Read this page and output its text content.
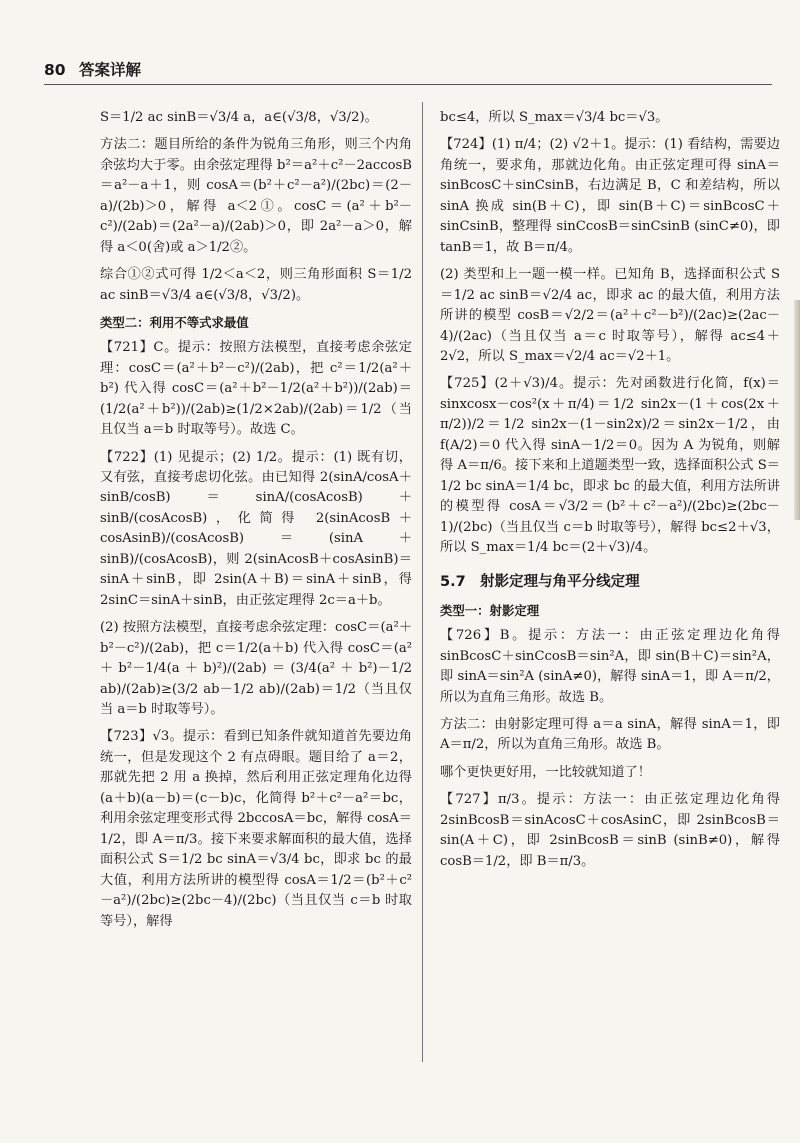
80 答案详解

S＝1/2 ac sinB＝√3/4 a，a∈(√3/8，√3/2)。

方法二：题目所给的条件为锐角三角形，则三个内角余弦均大于零。由余弦定理得 b²＝a²＋c²－2accosB＝a²－a＋1，则 cosA＝(b²＋c²－a²)/(2bc)＝(2－a)/(2b)＞0，解得 a＜2①。cosC＝(a²＋b²－c²)/(2ab)＝(2a²－a)/(2ab)＞0，即 2a²－a＞0，解得 a＜0(舍)或 a＞1/2②。

综合①②式可得 1/2＜a＜2，则三角形面积 S＝1/2 ac sinB＝√3/4 a∈(√3/8，√3/2)。

类型二：利用不等式求最值

【721】C。提示：按照方法模型，直接考虑余弦定理：cosC＝(a²＋b²－c²)/(2ab)，把 c²＝1/2(a²＋b²) 代入得 cosC＝(a²＋b²－1/2(a²＋b²))/(2ab)＝(1/2(a²＋b²))/(2ab)≥(1/2×2ab)/(2ab)＝1/2（当且仅当 a＝b 时取等号）。故选 C。

【722】(1) 见提示；(2) 1/2。提示：(1) 既有切，又有弦，直接考虑切化弦。由已知得 2(sinA/cosA＋sinB/cosB)＝sinA/(cosAcosB)＋sinB/(cosAcosB)，化简得 2(sinAcosB＋cosAsinB)/(cosAcosB)＝(sinA＋sinB)/(cosAcosB)，则 2(sinAcosB＋cosAsinB)＝sinA＋sinB，即 2sin(A＋B)＝sinA＋sinB，得 2sinC＝sinA＋sinB，由正弦定理得 2c＝a＋b。

(2) 按照方法模型，直接考虑余弦定理：cosC＝(a²＋b²－c²)/(2ab)，把 c＝1/2(a＋b) 代入得 cosC＝(a²＋b²－1/4(a＋b)²)/(2ab)＝(3/4(a²＋b²)－1/2 ab)/(2ab)≥(3/2 ab－1/2 ab)/(2ab)＝1/2（当且仅当 a＝b 时取等号）。

【723】√3。提示：看到已知条件就知道首先要边角统一，但是发现这个 2 有点碍眼。题目给了 a＝2，那就先把 2 用 a 换掉，然后利用正弦定理角化边得 (a＋b)(a－b)＝(c－b)c，化简得 b²＋c²－a²＝bc，利用余弦定理变形式得 2bccosA＝bc，解得 cosA＝1/2，即 A＝π/3。接下来要求解面积的最大值，选择面积公式 S＝1/2 bc sinA＝√3/4 bc，即求 bc 的最大值，利用方法所讲的模型得 cosA＝1/2＝(b²＋c²－a²)/(2bc)≥(2bc－4)/(2bc)（当且仅当 c＝b 时取等号），解得

bc≤4，所以 S_max＝√3/4 bc＝√3。

【724】(1) π/4；(2) √2＋1。提示：(1) 看结构，需要边角统一，要求角，那就边化角。由正弦定理可得 sinA＝sinBcosC＋sinCsinB，右边满足 B，C 和差结构，所以 sinA 换成 sin(B＋C)，即 sin(B＋C)＝sinBcosC＋sinCsinB，整理得 sinCcosB＝sinCsinB (sinC≠0)，即 tanB＝1，故 B＝π/4。

(2) 类型和上一题一模一样。已知角 B，选择面积公式 S＝1/2 ac sinB＝√2/4 ac，即求 ac 的最大值，利用方法所讲的模型 cosB＝√2/2＝(a²＋c²－b²)/(2ac)≥(2ac－4)/(2ac)（当且仅当 a＝c 时取等号），解得 ac≤4＋2√2，所以 S_max＝√2/4 ac＝√2＋1。

【725】(2＋√3)/4。提示：先对函数进行化简，f(x)＝sinxcosx－cos²(x＋π/4)＝1/2 sin2x－(1＋cos(2x＋π/2))/2＝1/2 sin2x－(1－sin2x)/2＝sin2x－1/2，由 f(A/2)＝0 代入得 sinA－1/2＝0。因为 A 为锐角，则解得 A＝π/6。接下来和上道题类型一致，选择面积公式 S＝1/2 bc sinA＝1/4 bc，即求 bc 的最大值，利用方法所讲的模型得 cosA＝√3/2＝(b²＋c²－a²)/(2bc)≥(2bc－1)/(2bc)（当且仅当 c＝b 时取等号），解得 bc≤2＋√3，所以 S_max＝1/4 bc＝(2＋√3)/4。

5.7　射影定理与角平分线定理
类型一：射影定理

【726】B。提示：方法一：由正弦定理边化角得 sinBcosC＋sinCcosB＝sin²A，即 sin(B＋C)＝sin²A，即 sinA＝sin²A (sinA≠0)，解得 sinA＝1，即 A＝π/2，所以为直角三角形。故选 B。

方法二：由射影定理可得 a＝a sinA，解得 sinA＝1，即 A＝π/2，所以为直角三角形。故选 B。

哪个更快更好用，一比较就知道了！

【727】π/3。提示：方法一：由正弦定理边化角得 2sinBcosB＝sinAcosC＋cosAsinC，即 2sinBcosB＝sin(A＋C)，即 2sinBcosB＝sinB (sinB≠0)，解得 cosB＝1/2，即 B＝π/3。
